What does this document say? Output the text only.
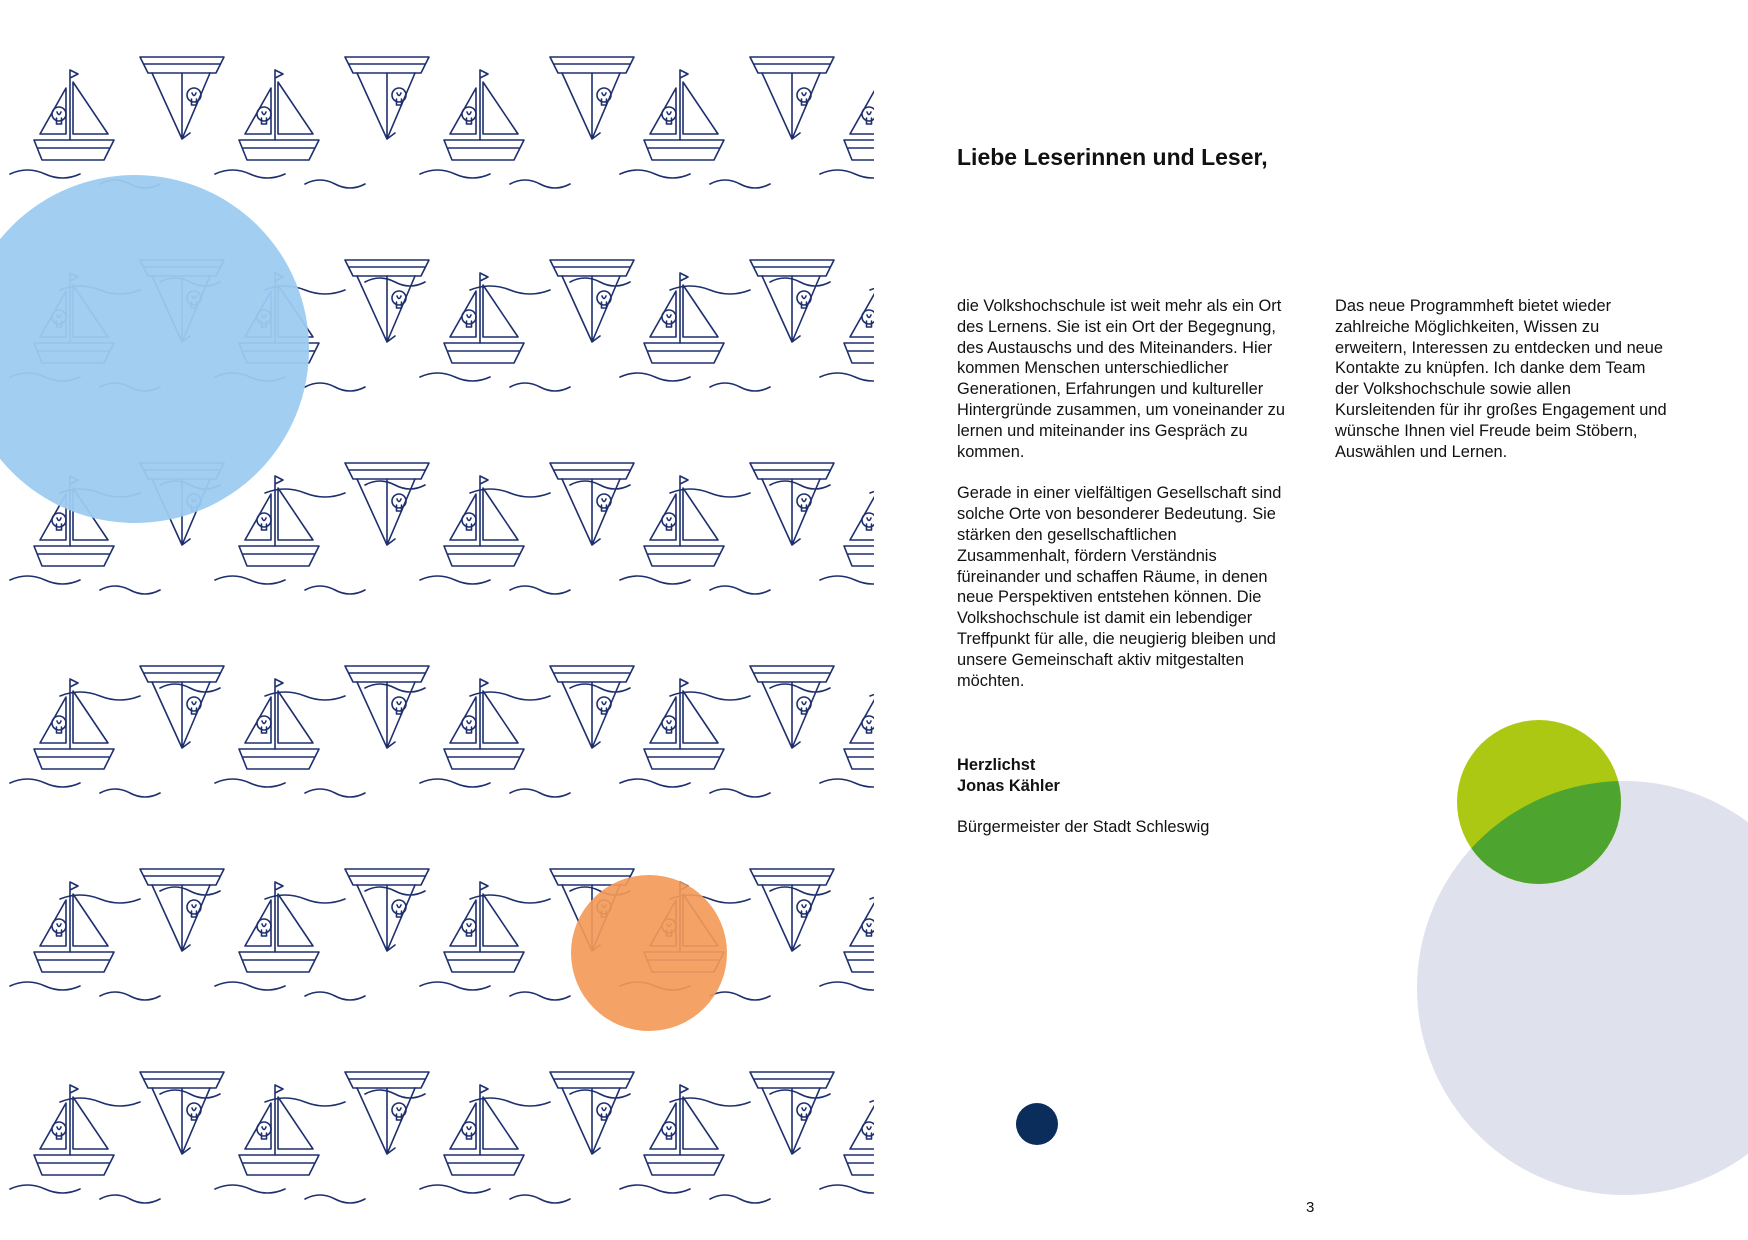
Liebe Leserinnen und Leser,

die Volkshochschule ist weit mehr als ein Ort des Lernens. Sie ist ein Ort der Begegnung, des Austauschs und des Miteinanders. Hier kommen Menschen unterschiedlicher Generationen, Erfahrungen und kultureller Hintergründe zusammen, um voneinander zu lernen und miteinander ins Gespräch zu kommen.

Gerade in einer vielfältigen Gesellschaft sind solche Orte von besonderer Bedeutung. Sie stärken den gesellschaftlichen Zusammenhalt, fördern Verständnis füreinander und schaffen Räume, in denen neue Perspektiven entstehen können. Die Volkshochschule ist damit ein lebendiger Treffpunkt für alle, die neugierig bleiben und unsere Gemeinschaft aktiv mitgestalten möchten.

Das neue Programmheft bietet wieder zahlreiche Möglichkeiten, Wissen zu erweitern, Interessen zu entdecken und neue Kontakte zu knüpfen. Ich danke dem Team der Volkshochschule sowie allen Kursleitenden für ihr großes Engagement und wünsche Ihnen viel Freude beim Stöbern, Auswählen und Lernen.

Herzlichst
Jonas Kähler
Bürgermeister der Stadt Schleswig
3
